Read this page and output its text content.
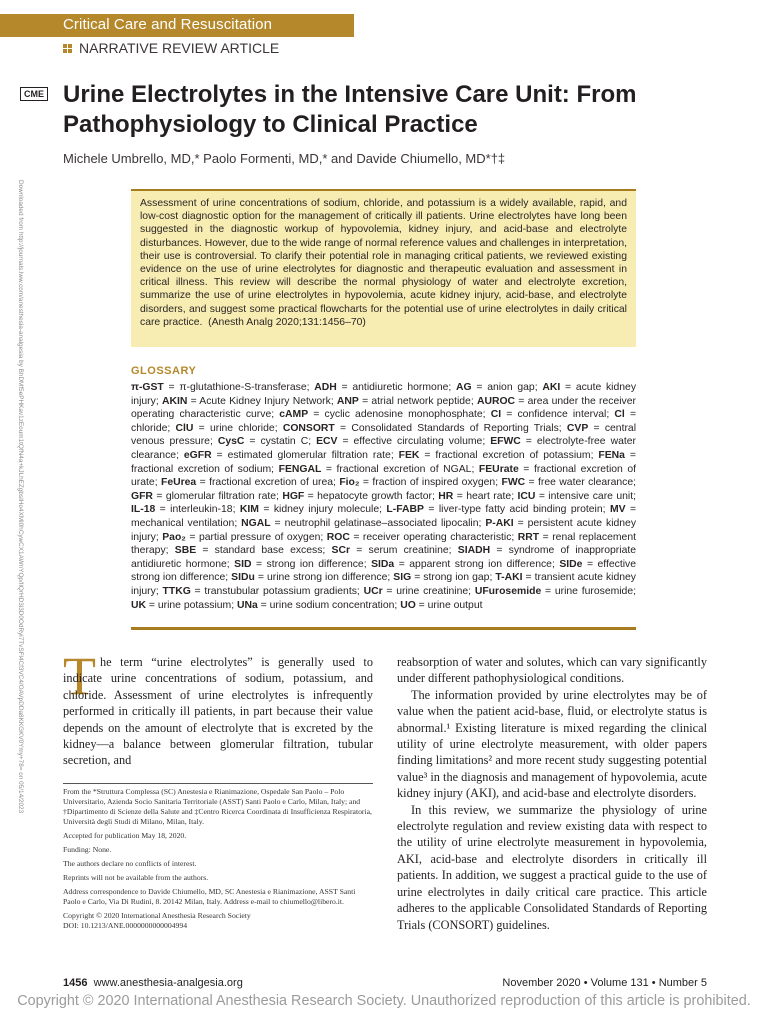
Critical Care and Resuscitation
NARRATIVE REVIEW ARTICLE
CME Urine Electrolytes in the Intensive Care Unit: From Pathophysiology to Clinical Practice
Michele Umbrello, MD,* Paolo Formenti, MD,* and Davide Chiumello, MD*†‡
Downloaded from http://journals.lww.com/anesthesia-analgesia by BhDMf5ePHKav1zEoum1tQfN4a+kJLhEZgbsIHo4XMi0hCywCX1AWnYQp/IlQrHD3i3D0OdRyi7TvSFl4Cf3VC4/OAVpDDa8KKGKV0Ymy+78= on 05/14/2023	Assessment of urine concentrations of sodium, chloride, and potassium is a widely available, rapid, and low-cost diagnostic option for the management of critically ill patients. Urine electrolytes have long been suggested in the diagnostic workup of hypovolemia, kidney injury, and acid-base and electrolyte disturbances. However, due to the wide range of normal reference values and challenges in interpretation, their use is controversial. To clarify their potential role in managing critical patients, we reviewed existing evidence on the use of urine electrolytes for diagnostic and therapeutic evaluation and assessment in critical illness. This review will describe the normal physiology of water and electrolyte excretion, summarize the use of urine electrolytes in hypovolemia, acute kidney injury, acid-base, and electrolyte disorders, and suggest some practical flowcharts for the potential use of urine electrolytes in daily critical care practice. (Anesth Analg 2020;131:1456–70)

GLOSSARY

π-GST = π-glutathione-S-transferase; ADH = antidiuretic hormone; AG = anion gap; AKI = acute kidney injury; AKIN = Acute Kidney Injury Network; ANP = atrial network peptide; AUROC = area under the receiver operating characteristic curve; cAMP = cyclic adenosine monophosphate; CI = confidence interval; Cl = chloride; ClU = urine chloride; CONSORT = Consolidated Standards of Reporting Trials; CVP = central venous pressure; CysC = cystatin C; ECV = effective circulating volume; EFWC = electrolyte-free water clearance; eGFR = estimated glomerular filtration rate; FEK = fractional excretion of potassium; FENa = fractional excretion of sodium; FENGAL = fractional excretion of NGAL; FEUrate = fractional excretion of urate; FeUrea = fractional excretion of urea; Fio₂ = fraction of inspired oxygen; FWC = free water clearance; GFR = glomerular filtration rate; HGF = hepatocyte growth factor; HR = heart rate; ICU = intensive care unit; IL-18 = interleukin-18; KIM = kidney injury molecule; L-FABP = liver-type fatty acid binding protein; MV = mechanical ventilation; NGAL = neutrophil gelatinase–associated lipocalin; P-AKI = persistent acute kidney injury; Pao₂ = partial pressure of oxygen; ROC = receiver operating characteristic; RRT = renal replacement therapy; SBE = standard base excess; SCr = serum creatinine; SIADH = syndrome of inappropriate antidiuretic hormone; SID = strong ion difference; SIDa = apparent strong ion difference; SIDe = effective strong ion difference; SIDu = urine strong ion difference; SIG = strong ion gap; T-AKI = transient acute kidney injury; TTKG = transtubular potassium gradients; UCr = urine creatinine; UFurosemide = urine furosemide; UK = urine potassium; UNa = urine sodium concentration; UO = urine output

T he term “urine electrolytes” is generally used to indicate urine concentrations of sodium, potassium, and chloride. Assessment of urine electrolytes is infrequently performed in critically ill patients, in part because their value depends on the amount of electrolyte that is excreted by the kidney—a balance between glomerular filtration, tubular secretion, and

From the *Struttura Complessa (SC) Anestesia e Rianimazione, Ospedale San Paolo – Polo Universitario, Azienda Socio Sanitaria Territoriale (ASST) Santi Paolo e Carlo, Milan, Italy; and †Dipartimento di Scienze della Salute and ‡Centro Ricerca Coordinata di Insufficienza Respiratoria, Università degli Studi di Milano, Milan, Italy.

Accepted for publication May 18, 2020.

Funding: None.

The authors declare no conflicts of interest.

Reprints will not be available from the authors.

Address correspondence to Davide Chiumello, MD, SC Anestesia e Rianimazione, ASST Santi Paolo e Carlo, Via Di Rudinì, 8. 20142 Milan, Italy. Address e-mail to chiumello@libero.it.

Copyright © 2020 International Anesthesia Research Society

DOI: 10.1213/ANE.0000000000004994

reabsorption of water and solutes, which can vary significantly under different pathophysiological conditions.

The information provided by urine electrolytes may be of value when the patient acid-base, fluid, or electrolyte status is abnormal.¹ Existing literature is mixed regarding the clinical utility of urine electrolyte measurement, with older papers finding limitations² and more recent study suggesting potential value³ in the diagnosis and management of hypovolemia, acute kidney injury (AKI), and acid-base and electrolyte disorders.

In this review, we summarize the physiology of urine electrolyte regulation and review existing data with respect to the utility of urine electrolyte measurement in hypovolemia, AKI, acid-base and electrolyte disorders in critically ill patients. In addition, we suggest a practical guide to the use of urine electrolytes in daily critical care practice. This article adheres to the applicable Consolidated Standards of Reporting Trials (CONSORT) guidelines.

1456 www.anesthesia-analgesia.org	November 2020 • Volume 131 • Number 5
Copyright © 2020 International Anesthesia Research Society. Unauthorized reproduction of this article is prohibited.
